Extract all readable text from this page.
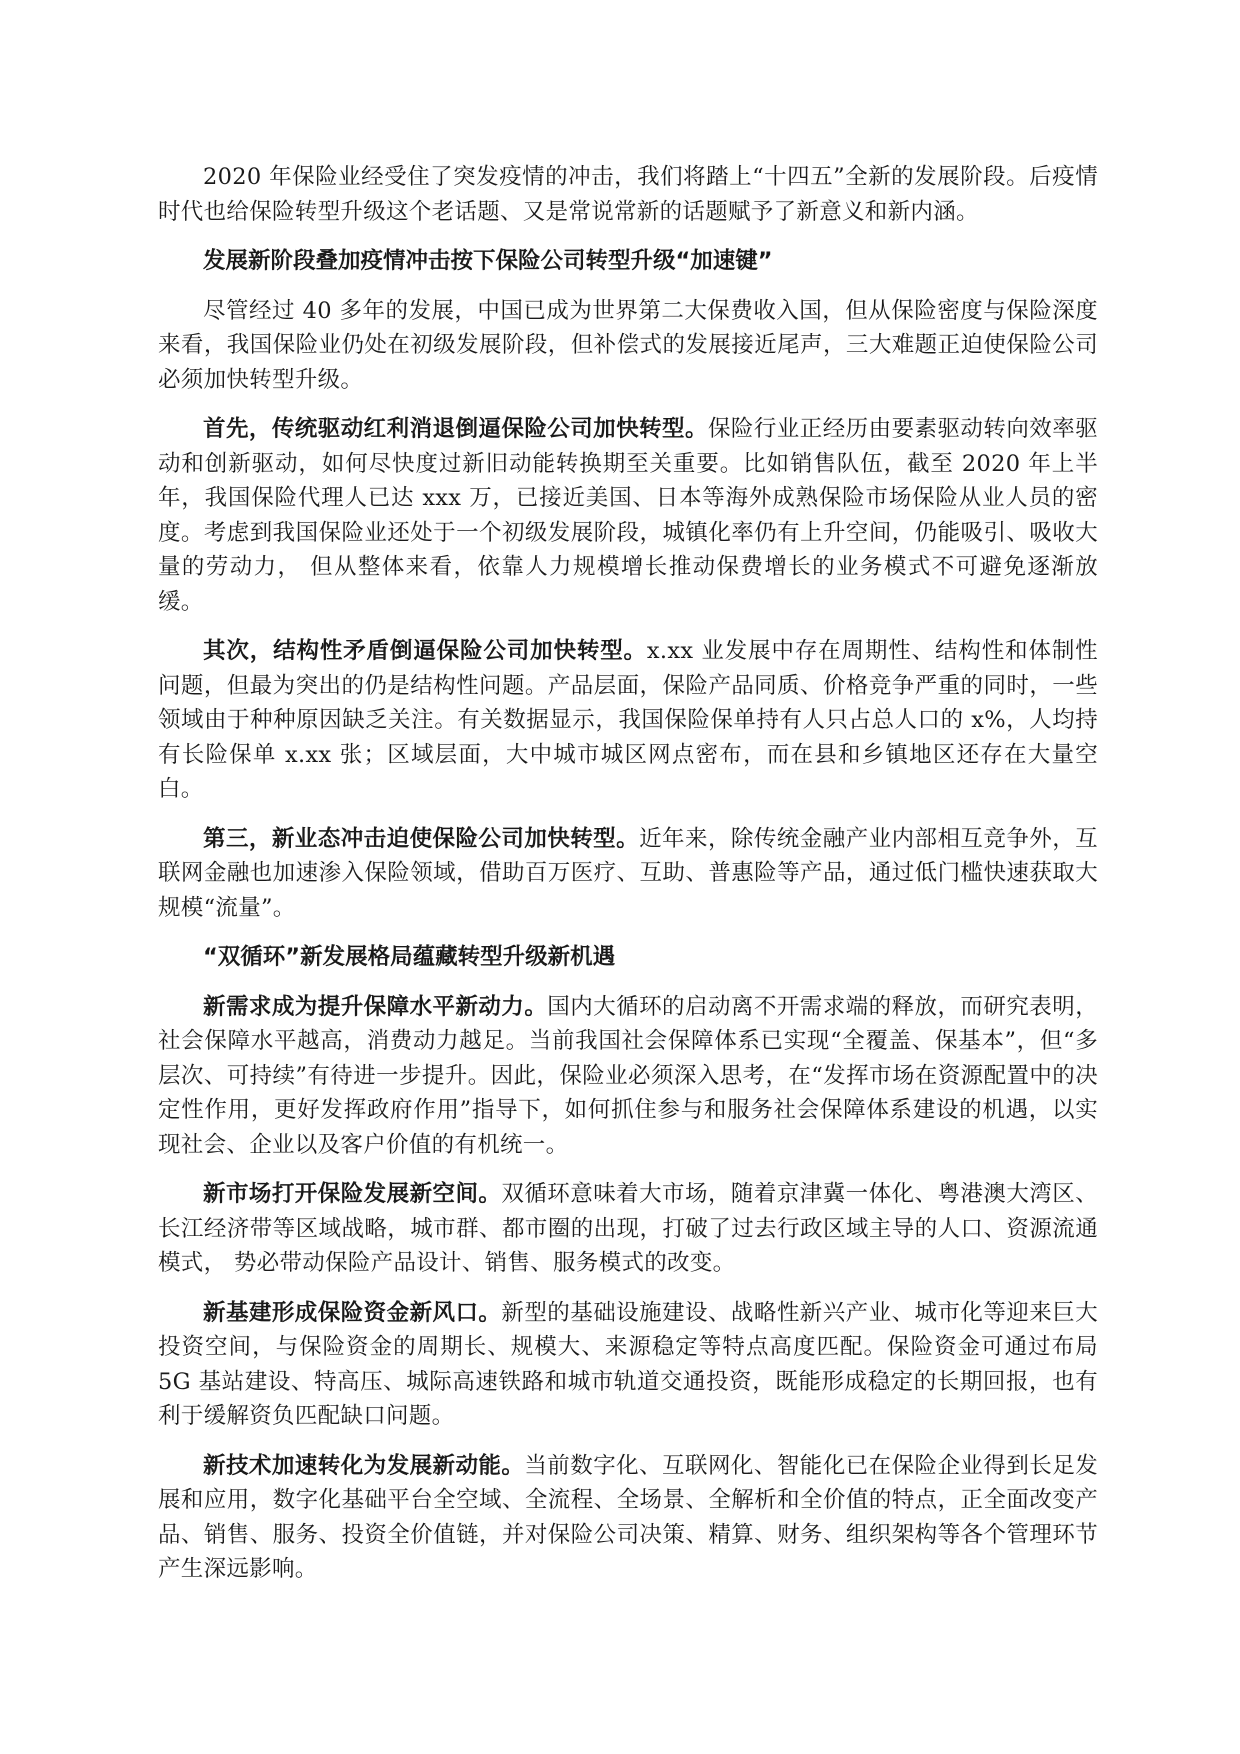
2020 年保险业经受住了突发疫情的冲击，我们将踏上“十四五”全新的发展阶段。后疫情时代也给保险转型升级这个老话题、又是常说常新的话题赋予了新意义和新内涵。

发展新阶段叠加疫情冲击按下保险公司转型升级“加速键”

尽管经过 40 多年的发展，中国已成为世界第二大保费收入国，但从保险密度与保险深度来看，我国保险业仍处在初级发展阶段，但补偿式的发展接近尾声，三大难题正迫使保险公司必须加快转型升级。

首先，传统驱动红利消退倒逼保险公司加快转型。保险行业正经历由要素驱动转向效率驱动和创新驱动，如何尽快度过新旧动能转换期至关重要。比如销售队伍，截至 2020 年上半年，我国保险代理人已达 xxx 万，已接近美国、日本等海外成熟保险市场保险从业人员的密度。考虑到我国保险业还处于一个初级发展阶段，城镇化率仍有上升空间，仍能吸引、吸收大量的劳动力， 但从整体来看，依靠人力规模增长推动保费增长的业务模式不可避免逐渐放缓。

其次，结构性矛盾倒逼保险公司加快转型。x.xx 业发展中存在周期性、结构性和体制性问题，但最为突出的仍是结构性问题。产品层面，保险产品同质、价格竞争严重的同时，一些领域由于种种原因缺乏关注。有关数据显示，我国保险保单持有人只占总人口的 x%，人均持有长险保单 x.xx 张；区域层面，大中城市城区网点密布，而在县和乡镇地区还存在大量空白。

第三，新业态冲击迫使保险公司加快转型。近年来，除传统金融产业内部相互竞争外，互联网金融也加速渗入保险领域，借助百万医疗、互助、普惠险等产品，通过低门槛快速获取大规模“流量”。

“双循环”新发展格局蕴藏转型升级新机遇

新需求成为提升保障水平新动力。国内大循环的启动离不开需求端的释放，而研究表明，社会保障水平越高，消费动力越足。当前我国社会保障体系已实现“全覆盖、保基本”，但“多层次、可持续”有待进一步提升。因此，保险业必须深入思考，在“发挥市场在资源配置中的决定性作用，更好发挥政府作用”指导下，如何抓住参与和服务社会保障体系建设的机遇，以实现社会、企业以及客户价值的有机统一。

新市场打开保险发展新空间。双循环意味着大市场，随着京津冀一体化、粤港澳大湾区、长江经济带等区域战略，城市群、都市圈的出现，打破了过去行政区域主导的人口、资源流通模式， 势必带动保险产品设计、销售、服务模式的改变。

新基建形成保险资金新风口。新型的基础设施建设、战略性新兴产业、城市化等迎来巨大投资空间，与保险资金的周期长、规模大、来源稳定等特点高度匹配。保险资金可通过布局 5G 基站建设、特高压、城际高速铁路和城市轨道交通投资，既能形成稳定的长期回报，也有利于缓解资负匹配缺口问题。

新技术加速转化为发展新动能。当前数字化、互联网化、智能化已在保险企业得到长足发展和应用，数字化基础平台全空域、全流程、全场景、全解析和全价值的特点，正全面改变产品、销售、服务、投资全价值链，并对保险公司决策、精算、财务、组织架构等各个管理环节产生深远影响。
